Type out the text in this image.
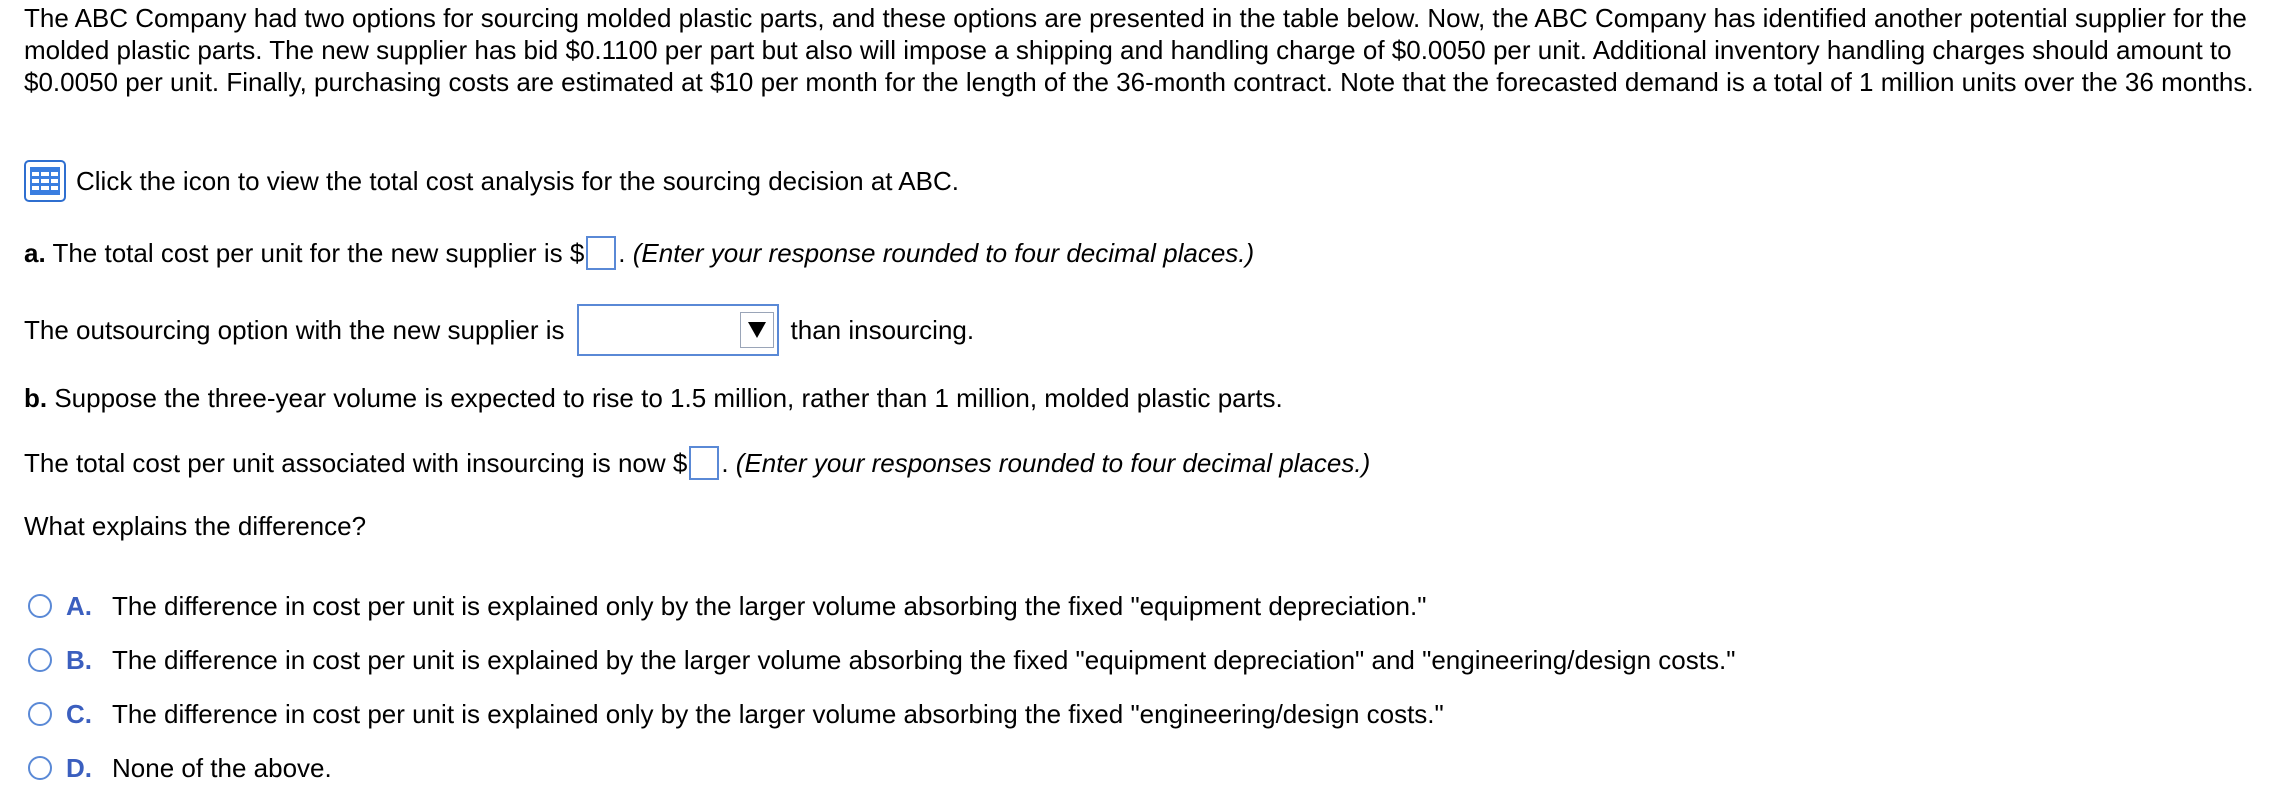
The ABC Company had two options for sourcing molded plastic parts, and these options are presented in the table below. Now, the ABC Company has identified another potential supplier for the molded plastic parts. The new supplier has bid $0.1100 per part but also will impose a shipping and handling charge of $0.0050 per unit. Additional inventory handling charges should amount to $0.0050 per unit. Finally, purchasing costs are estimated at $10 per month for the length of the 36-month contract. Note that the forecasted demand is a total of 1 million units over the 36 months.

Click the icon to view the total cost analysis for the sourcing decision at ABC.
a. The total cost per unit for the new supplier is $ . (Enter your response rounded to four decimal places.)
The outsourcing option with the new supplier is	than insourcing.
b. Suppose the three-year volume is expected to rise to 1.5 million, rather than 1 million, molded plastic parts.
The total cost per unit associated with insourcing is now $ . (Enter your responses rounded to four decimal places.)
What explains the difference?
A. The difference in cost per unit is explained only by the larger volume absorbing the fixed "equipment depreciation."
B. The difference in cost per unit is explained by the larger volume absorbing the fixed "equipment depreciation" and "engineering/design costs."
C. The difference in cost per unit is explained only by the larger volume absorbing the fixed "engineering/design costs."
D. None of the above.
